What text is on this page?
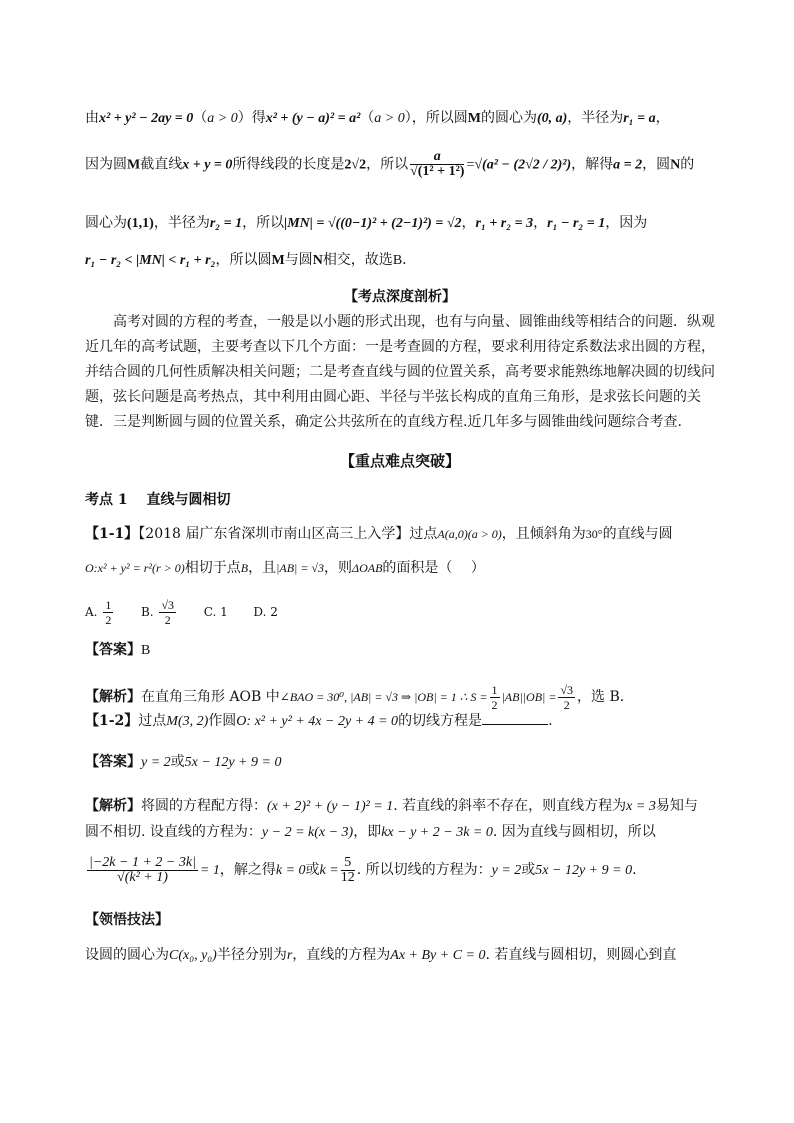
由x² + y² − 2ay = 0（a > 0）得x² + (y − a)² = a²（a > 0），所以圆M的圆心为(0, a)，半径为r₁ = a，
因为圆M截直线x + y = 0所得线段的长度是2√2，所以 $\frac{a}{\text{√(1² + 1²)}} =√(a^2 - (2√2 / 2)^2)$，解得a = 2，圆N的
圆心为(1,1)，半径为r₂ = 1，所以|MN| = √((0−1)² + (2−1)²) = √2，r₁ + r₂ = 3，r₁ − r₂ = 1，因为
r₁ − r₂ < |MN| < r₁ + r₂，所以圆M与圆N相交，故选B.
【考点深度剖析】
高考对圆的方程的考查，一般是以小题的形式出现，也有与向量、圆锥曲线等相结合的问题．纵观
近几年的高考试题，主要考查以下几个方面：一是考查圆的方程，要求利用待定系数法求出圆的方程，
并结合圆的几何性质解决相关问题；二是考查直线与圆的位置关系，高考要求能熟练地解决圆的切线问
题，弦长问题是高考热点，其中利用由圆心距、半径与半弦长构成的直角三角形，是求弦长问题的关
键．三是判断圆与圆的位置关系，确定公共弦所在的直线方程.近几年多与圆锥曲线问题综合考查.
【重点难点突破】
考点 1　 直线与圆相切
【1-1】【2018 届广东省深圳市南山区高三上入学】过点A(a,0)(a > 0)，且倾斜角为30°的直线与圆
O:x² + y² = r²(r > 0)相切于点B，且|AB| = √3，则ΔOAB的面积是（　 ）
A. $\frac{1}{2} B$. $\frac{√3}{2} C$. 1 D. 2
【答案】B
【解析】在直角三角形 AOB 中∠BAO = 30⁰, |AB| = √3 ⇒ |OB| = 1 ∴ $S = \frac{1}{2} |AB||OB| = \frac{√3}{2}$ ，选 B.
【1-2】过点M(3, 2)作圆O: x² + y² + 4x − 2y + 4 = 0的切线方程是	.
【答案】y = 2或5x − 12y + 9 = 0
【解析】将圆的方程配方得：(x + 2)² + (y − 1)² = 1. 若直线的斜率不存在，则直线方程为x = 3易知与
圆不相切. 设直线的方程为：y − 2 = k(x − 3)，即kx − y + 2 − 3k = 0. 因为直线与圆相切，所以
$\frac{|-2k - 1 + 2 - 3k|}{\text{√(k² + 1)}} = 1$，解之得k = 0或$k = \frac{5}{12}$ . 所以切线的方程为：y = 2或5x − 12y + 9 = 0.
【领悟技法】
设圆的圆心为C(x₀, y₀)半径分别为r，直线的方程为Ax + By + C = 0. 若直线与圆相切，则圆心到直
